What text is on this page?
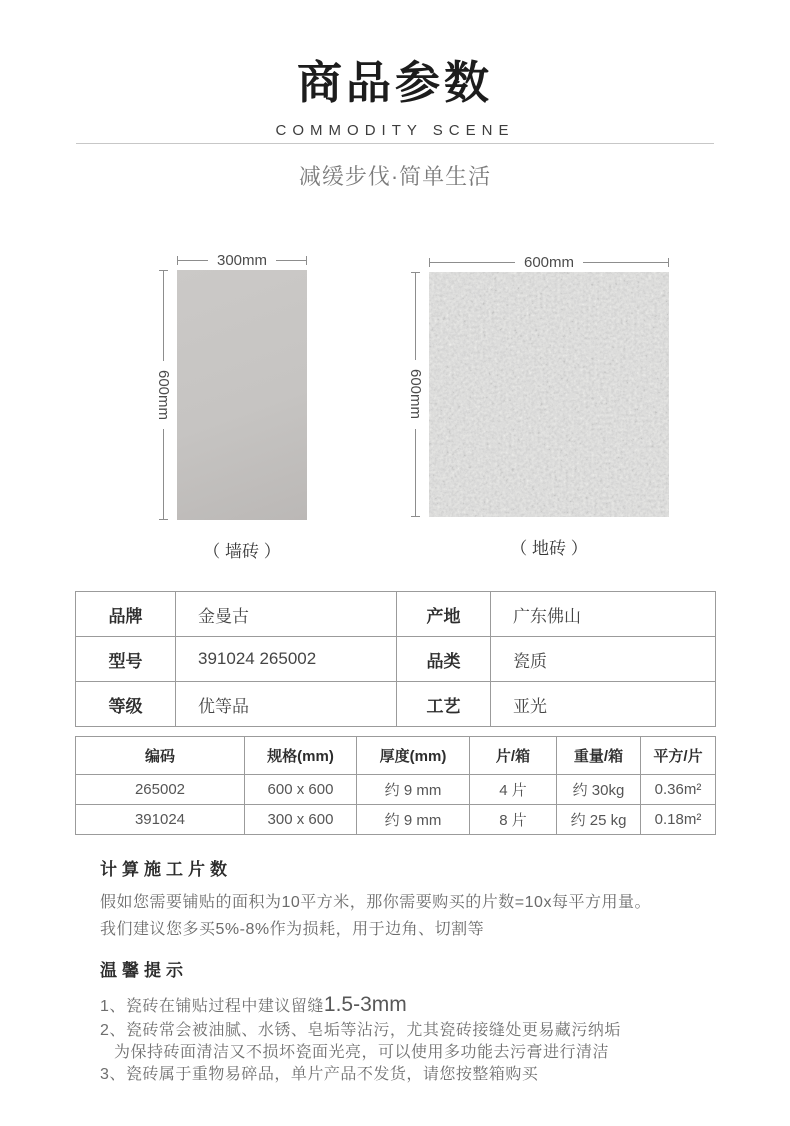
商品参数
COMMODITY SCENE
减缓步伐·简单生活
300mm
600mm
（ 墙砖 ）
600mm
600mm
（ 地砖 ）
品牌	金曼古	产地	广东佛山
型号	391024 265002	品类	瓷质
等级	优等品	工艺	亚光
编码	规格(mm)	厚度(mm)	片/箱	重量/箱	平方/片
265002	600 x 600	约 9 mm	4 片	约 30kg	0.36m²
391024	300 x 600	约 9 mm	8 片	约 25 kg	0.18m²
计算施工片数
假如您需要铺贴的面积为10平方米，那你需要购买的片数=10x每平方用量。
我们建议您多买5%-8%作为损耗，用于边角、切割等
温馨提示
1、 瓷砖在铺贴过程中建议留缝 1.5-3mm
2、 瓷砖常会被油腻、水锈、皂垢等沾污，尤其瓷砖接缝处更易藏污纳垢
为保持砖面清洁又不损坏瓷面光亮，可以使用多功能去污膏进行清洁
3、 瓷砖属于重物易碎品，单片产品不发货，请您按整箱购买
